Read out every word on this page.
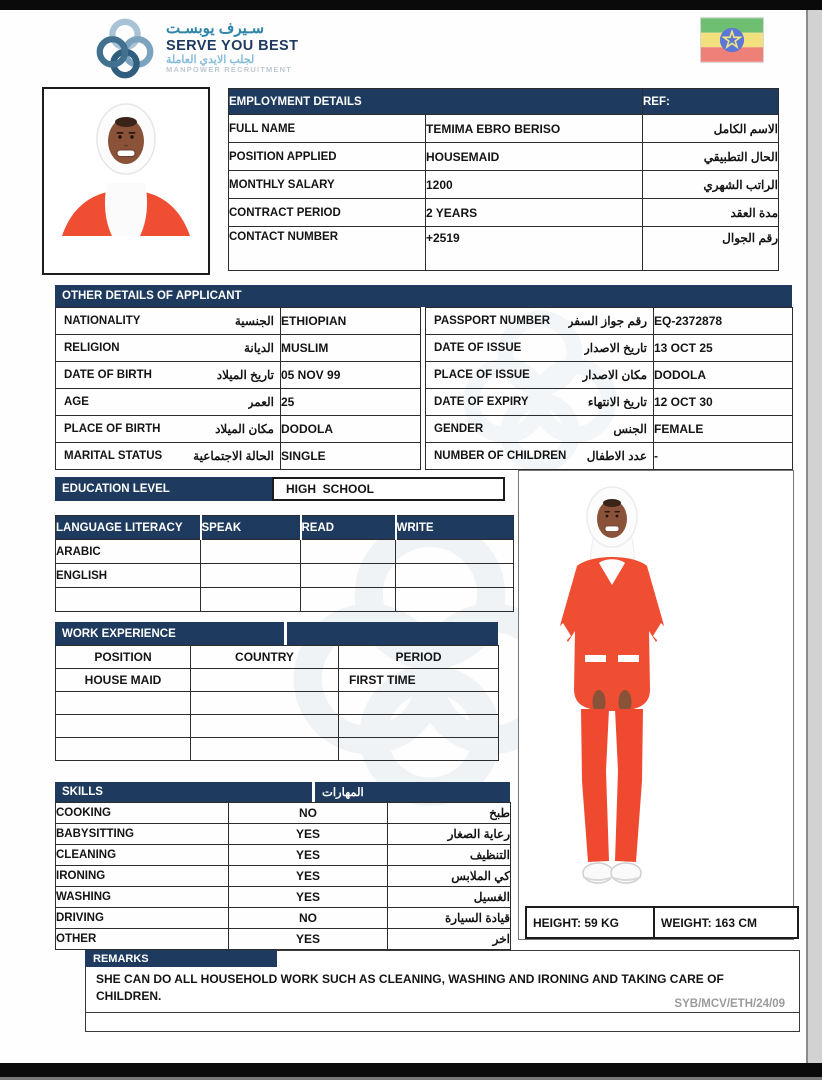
سـيرف يوبسـت
SERVE YOU BEST
لجلب الايدي العاملة
MANPOWER RECRUITMENT
EMPLOYMENT DETAILS		REF:
FULL NAME	TEMIMA EBRO BERISO	الاسم الكامل
POSITION APPLIED	HOUSEMAID	الحال التطبيقي
MONTHLY SALARY	1200	الراتب الشهري
CONTRACT PERIOD	2 YEARS	مدة العقد
CONTACT NUMBER	+2519	رقم الجوال
OTHER DETAILS OF APPLICANT
NATIONALITY الجنسية	ETHIOPIAN

RELIGION الديانة	MUSLIM

DATE OF BIRTH تاريخ الميلاد	05 NOV 99

AGE العمر	25

PLACE OF BIRTH مكان الميلاد	DODOLA

MARITAL STATUS الحالة الاجتماعية	SINGLE
PASSPORT NUMBER رقم جواز السفر	EQ-2372878

DATE OF ISSUE تاريخ الاصدار	13 OCT 25

PLACE OF ISSUE مكان الاصدار	DODOLA

DATE OF EXPIRY تاريخ الانتهاء	12 OCT 30

GENDER الجنس	FEMALE

NUMBER OF CHILDREN عدد الاطفال	-
EDUCATION LEVEL	HIGH  SCHOOL
LANGUAGE LITERACY	SPEAK	READ	WRITE
ARABIC			
ENGLISH			

WORK EXPERIENCE
POSITION	COUNTRY	PERIOD
HOUSE MAID		FIRST TIME

SKILLS	المهارات
COOKING	NO	طبخ
BABYSITTING	YES	رعاية الصغار
CLEANING	YES	التنظيف
IRONING	YES	كي الملابس
WASHING	YES	الغسيل
DRIVING	NO	قيادة السيارة
OTHER	YES	اخر
HEIGHT: 59 KG	WEIGHT: 163 CM
REMARKS
SHE CAN DO ALL HOUSEHOLD WORK SUCH AS CLEANING, WASHING AND IRONING AND TAKING CARE OF CHILDREN.
SYB/MCV/ETH/24/09
